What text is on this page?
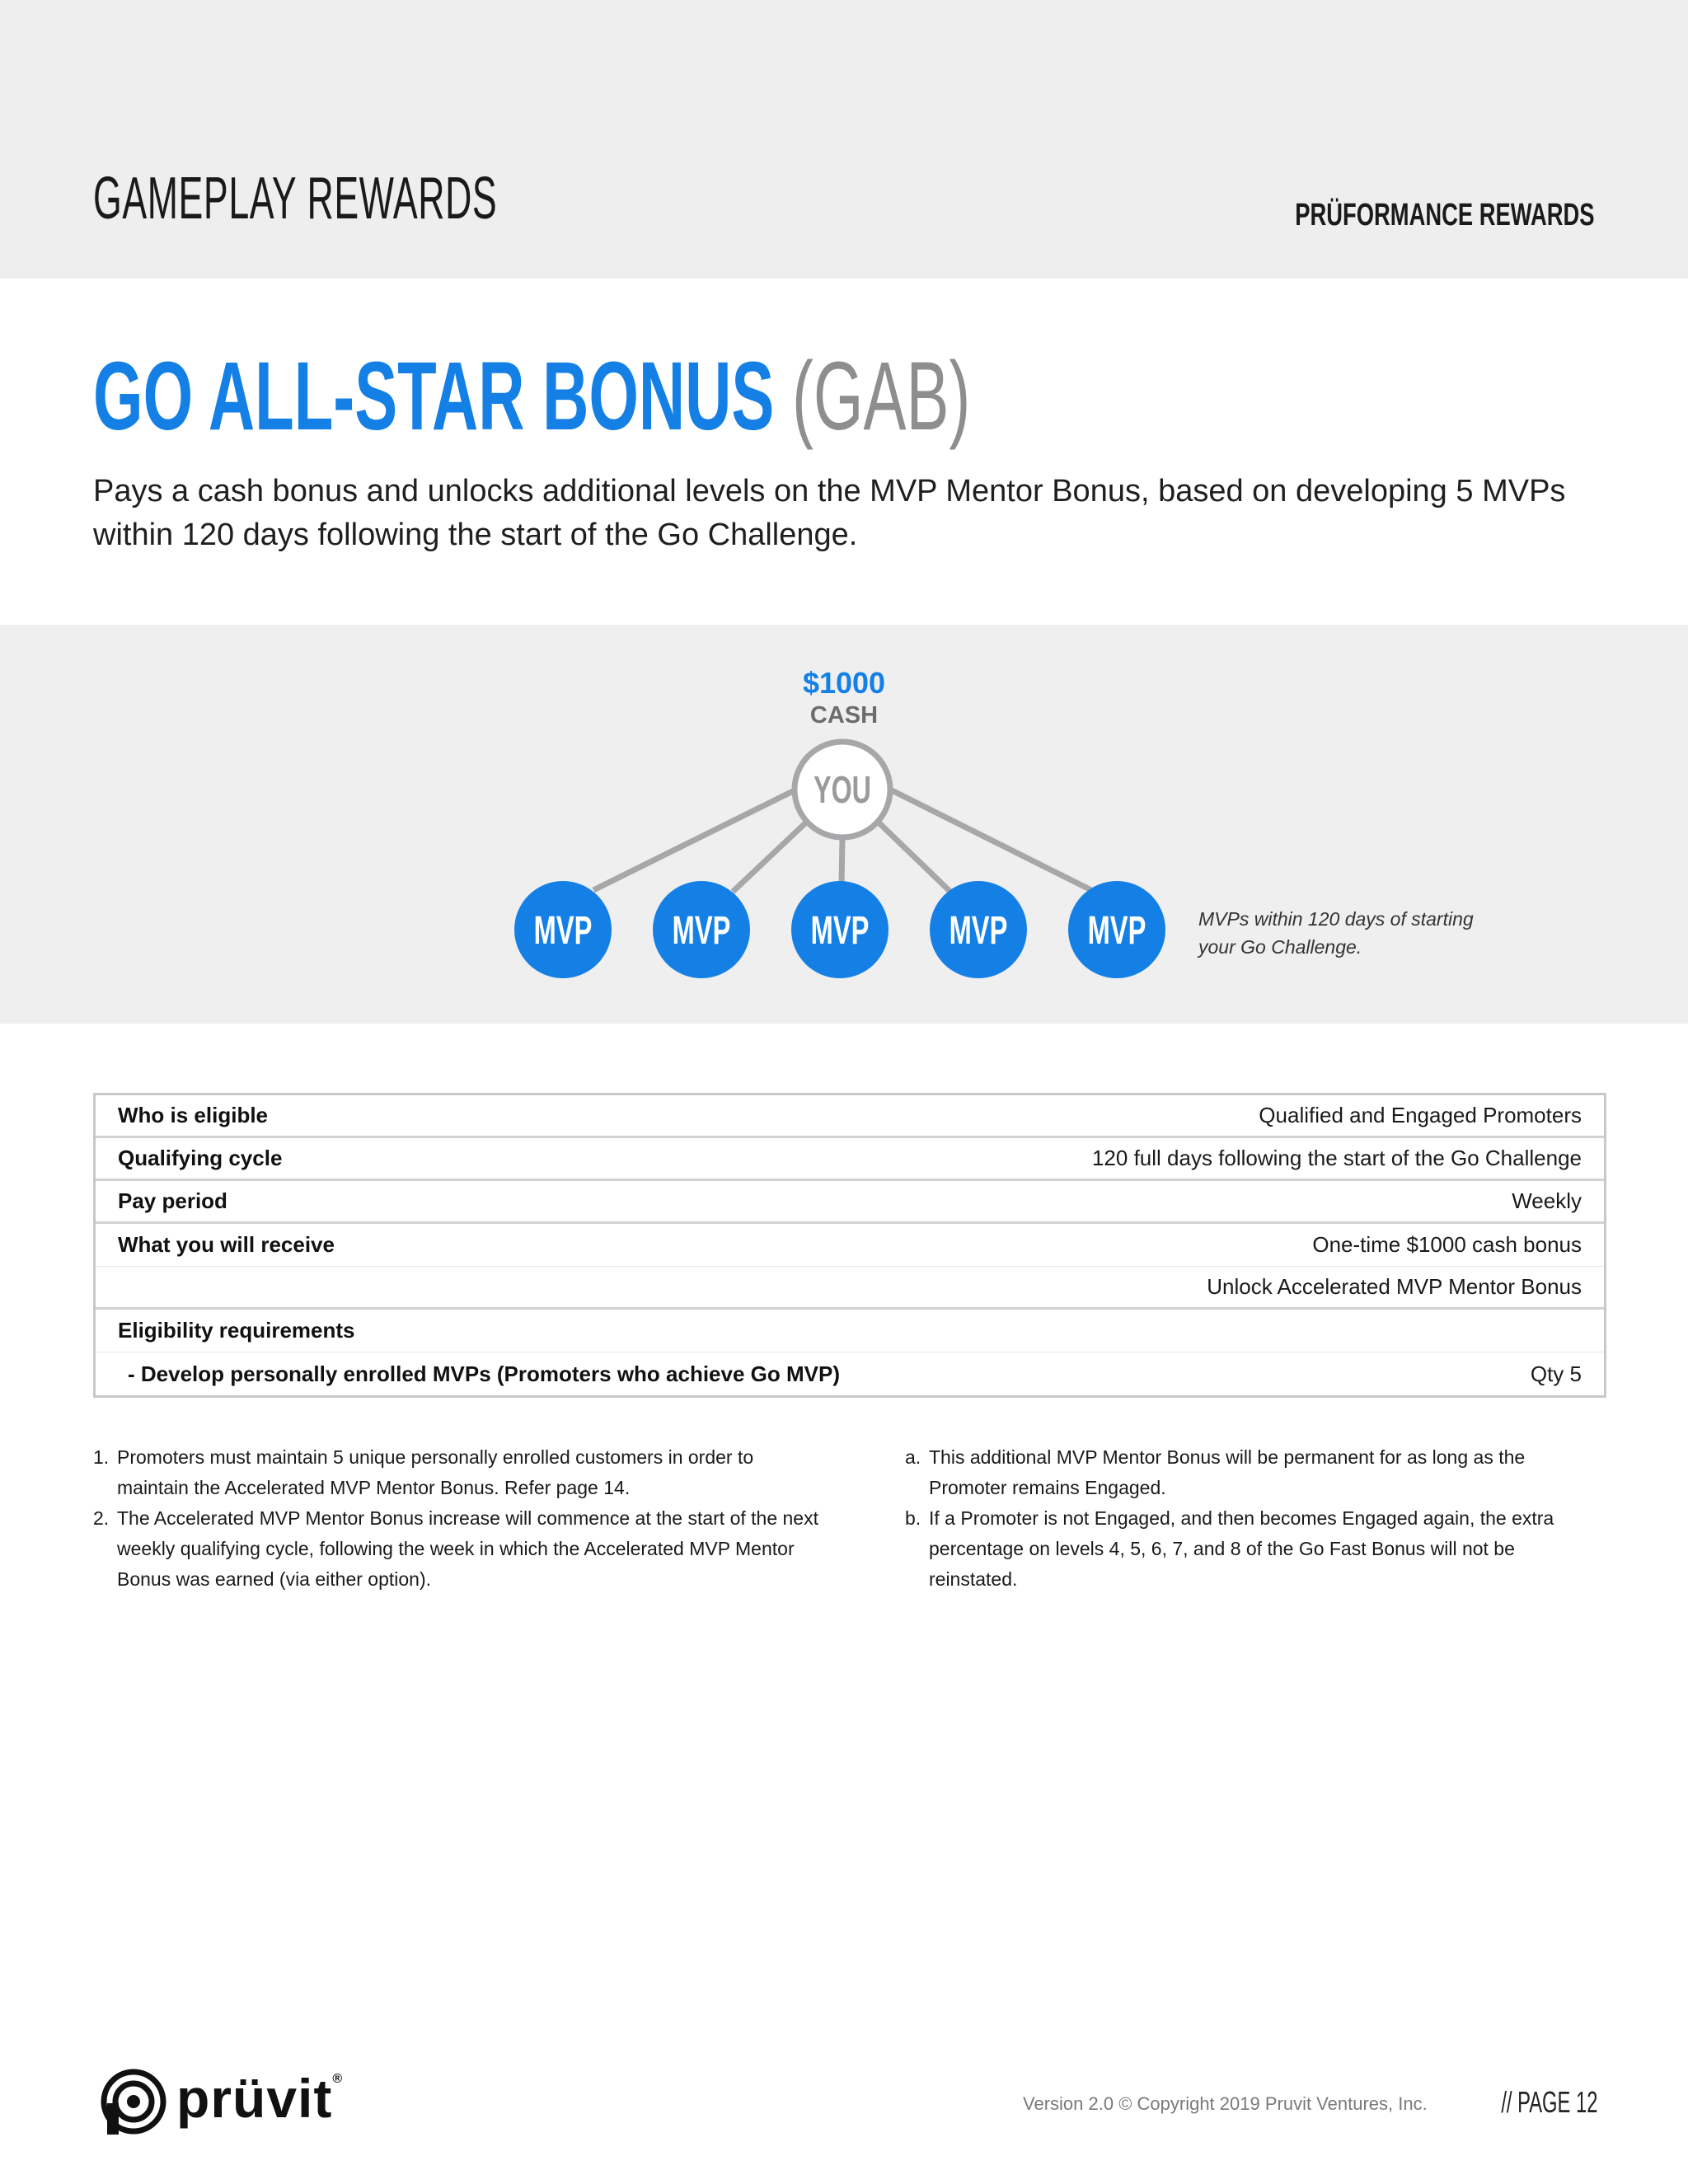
GAMEPLAY REWARDS	PRÜFORMANCE REWARDS
GO ALL-STAR BONUS (GAB)

Pays a cash bonus and unlocks additional levels on the MVP Mentor Bonus, based on developing 5 MVPs within 120 days following the start of the Go Challenge.

YOU
MVP MVP MVP MVP MVP
$1000
CASH
MVPs within 120 days of starting your Go Challenge.
Who is eligible	Qualified and Engaged Promoters
Qualifying cycle	120 full days following the start of the Go Challenge
Pay period	Weekly
What you will receive	One-time $1000 cash bonus
Unlock Accelerated MVP Mentor Bonus
Eligibility requirements
- Develop personally enrolled MVPs (Promoters who achieve Go MVP)	Qty 5
1. Promoters must maintain 5 unique personally enrolled customers in order to maintain the Accelerated MVP Mentor Bonus. Refer page 14.
2. The Accelerated MVP Mentor Bonus increase will commence at the start of the next weekly qualifying cycle, following the week in which the Accelerated MVP Mentor Bonus was earned (via either option).
a. This additional MVP Mentor Bonus will be permanent for as long as the Promoter remains Engaged.
b. If a Promoter is not Engaged, and then becomes Engaged again, the extra percentage on levels 4, 5, 6, 7, and 8 of the Go Fast Bonus will not be reinstated.
prüvit®
Version 2.0 © Copyright 2019 Pruvit Ventures, Inc. // PAGE 12
